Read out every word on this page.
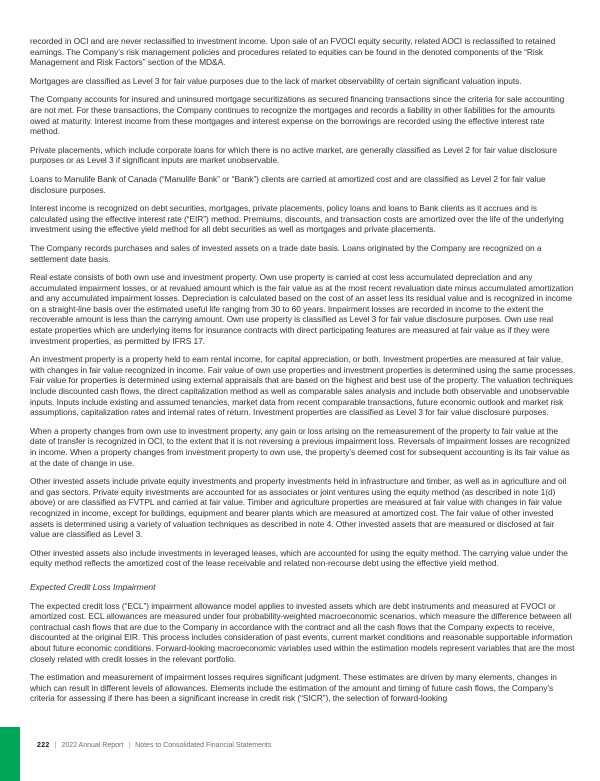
recorded in OCI and are never reclassified to investment income. Upon sale of an FVOCI equity security, related AOCI is reclassified to retained earnings. The Company’s risk management policies and procedures related to equities can be found in the denoted components of the “Risk Management and Risk Factors” section of the MD&A.

Mortgages are classified as Level 3 for fair value purposes due to the lack of market observability of certain significant valuation inputs.

The Company accounts for insured and uninsured mortgage securitizations as secured financing transactions since the criteria for sale accounting are not met. For these transactions, the Company continues to recognize the mortgages and records a liability in other liabilities for the amounts owed at maturity. Interest income from these mortgages and interest expense on the borrowings are recorded using the effective interest rate method.

Private placements, which include corporate loans for which there is no active market, are generally classified as Level 2 for fair value disclosure purposes or as Level 3 if significant inputs are market unobservable.

Loans to Manulife Bank of Canada (“Manulife Bank” or “Bank”) clients are carried at amortized cost and are classified as Level 2 for fair value disclosure purposes.

Interest income is recognized on debt securities, mortgages, private placements, policy loans and loans to Bank clients as it accrues and is calculated using the effective interest rate (“EIR”) method. Premiums, discounts, and transaction costs are amortized over the life of the underlying investment using the effective yield method for all debt securities as well as mortgages and private placements.

The Company records purchases and sales of invested assets on a trade date basis. Loans originated by the Company are recognized on a settlement date basis.

Real estate consists of both own use and investment property. Own use property is carried at cost less accumulated depreciation and any accumulated impairment losses, or at revalued amount which is the fair value as at the most recent revaluation date minus accumulated amortization and any accumulated impairment losses. Depreciation is calculated based on the cost of an asset less its residual value and is recognized in income on a straight-line basis over the estimated useful life ranging from 30 to 60 years. Impairment losses are recorded in income to the extent the recoverable amount is less than the carrying amount. Own use property is classified as Level 3 for fair value disclosure purposes. Own use real estate properties which are underlying items for insurance contracts with direct participating features are measured at fair value as if they were investment properties, as permitted by IFRS 17.

An investment property is a property held to earn rental income, for capital appreciation, or both. Investment properties are measured at fair value, with changes in fair value recognized in income. Fair value of own use properties and investment properties is determined using the same processes. Fair value for properties is determined using external appraisals that are based on the highest and best use of the property. The valuation techniques include discounted cash flows, the direct capitalization method as well as comparable sales analysis and include both observable and unobservable inputs. Inputs include existing and assumed tenancies, market data from recent comparable transactions, future economic outlook and market risk assumptions, capitalization rates and internal rates of return. Investment properties are classified as Level 3 for fair value disclosure purposes.

When a property changes from own use to investment property, any gain or loss arising on the remeasurement of the property to fair value at the date of transfer is recognized in OCI, to the extent that it is not reversing a previous impairment loss. Reversals of impairment losses are recognized in income. When a property changes from investment property to own use, the property’s deemed cost for subsequent accounting is its fair value as at the date of change in use.

Other invested assets include private equity investments and property investments held in infrastructure and timber, as well as in agriculture and oil and gas sectors. Private equity investments are accounted for as associates or joint ventures using the equity method (as described in note 1(d) above) or are classified as FVTPL and carried at fair value. Timber and agriculture properties are measured at fair value with changes in fair value recognized in income, except for buildings, equipment and bearer plants which are measured at amortized cost. The fair value of other invested assets is determined using a variety of valuation techniques as described in note 4. Other invested assets that are measured or disclosed at fair value are classified as Level 3.

Other invested assets also include investments in leveraged leases, which are accounted for using the equity method. The carrying value under the equity method reflects the amortized cost of the lease receivable and related non-recourse debt using the effective yield method.

Expected Credit Loss Impairment

The expected credit loss (“ECL”) impairment allowance model applies to invested assets which are debt instruments and measured at FVOCI or amortized cost. ECL allowances are measured under four probability-weighted macroeconomic scenarios, which measure the difference between all contractual cash flows that are due to the Company in accordance with the contract and all the cash flows that the Company expects to receive, discounted at the original EIR. This process includes consideration of past events, current market conditions and reasonable supportable information about future economic conditions. Forward-looking macroeconomic variables used within the estimation models represent variables that are the most closely related with credit losses in the relevant portfolio.

The estimation and measurement of impairment losses requires significant judgment. These estimates are driven by many elements, changes in which can result in different levels of allowances. Elements include the estimation of the amount and timing of future cash flows, the Company’s criteria for assessing if there has been a significant increase in credit risk (“SICR”), the selection of forward-looking

222 | 2022 Annual Report | Notes to Consolidated Financial Statements
